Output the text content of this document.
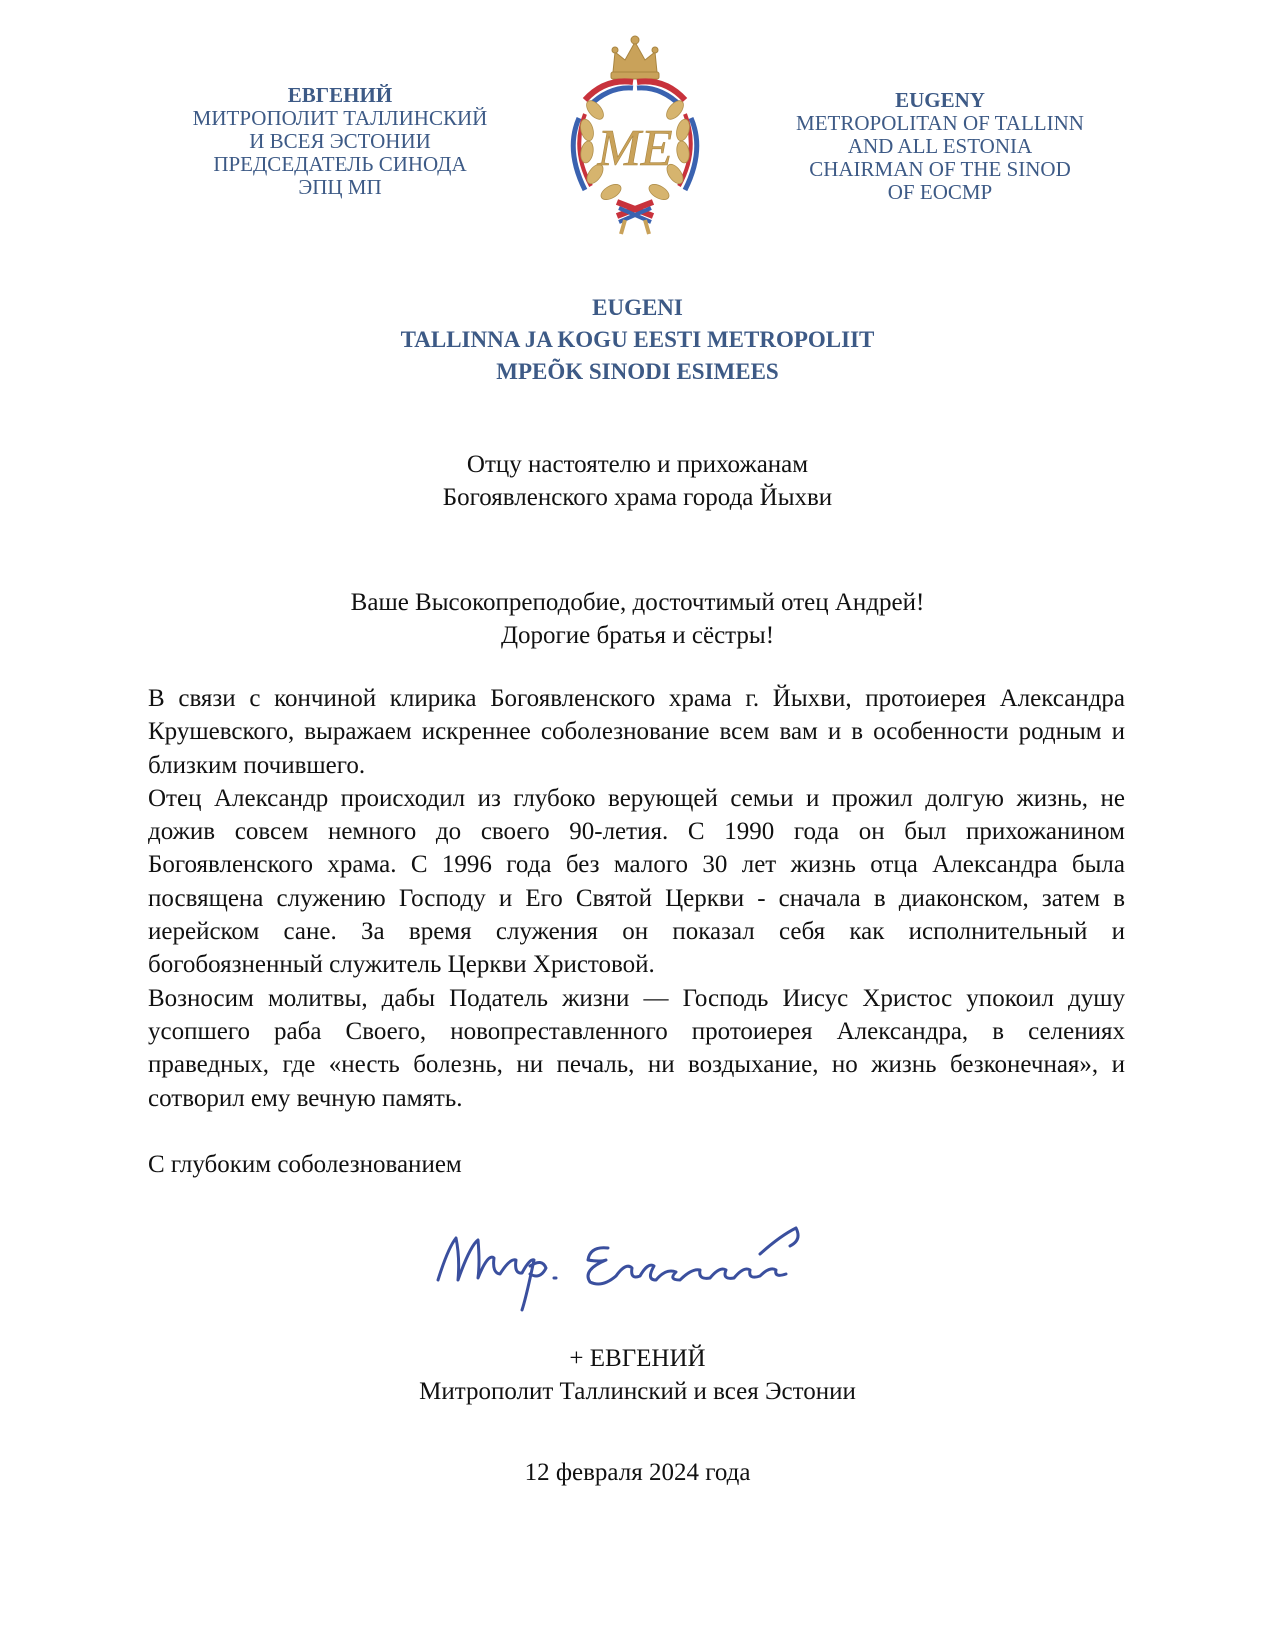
ЕВГЕНИЙ
МИТРОПОЛИТ ТАЛЛИНСКИЙ
И ВСЕЯ ЭСТОНИИ
ПРЕДСЕДАТЕЛЬ СИНОДА
ЭПЦ МП
ME
EUGENY
METROPOLITAN OF TALLINN
AND ALL ESTONIA
CHAIRMAN OF THE SINOD
OF EOCMP
EUGENI
TALLINNA JA KOGU EESTI METROPOLIIT
MPEÕK SINODI ESIMEES
Отцу настоятелю и прихожанам
Богоявленского храма города Йыхви
Ваше Высокопреподобие, досточтимый отец Андрей!
Дорогие братья и сёстры!

В связи с кончиной клирика Богоявленского храма г. Йыхви, протоиерея Александра Крушевского, выражаем искреннее соболезнование всем вам и в особенности родным и близким почившего.

Отец Александр происходил из глубоко верующей семьи и прожил долгую жизнь, не дожив совсем немного до своего 90-летия. С 1990 года он был прихожанином Богоявленского храма. С 1996 года без малого 30 лет жизнь отца Александра была посвящена служению Господу и Его Святой Церкви - сначала в диаконском, затем в иерейском сане. За время служения он показал себя как исполнительный и богобоязненный служитель Церкви Христовой.

Возносим молитвы, дабы Податель жизни — Господь Иисус Христос упокоил душу усопшего раба Своего, новопреставленного протоиерея Александра, в селениях праведных, где «несть болезнь, ни печаль, ни воздыхание, но жизнь безконечная», и сотворил ему вечную память.

С глубоким соболезнованием
+ ЕВГЕНИЙ
Митрополит Таллинский и всея Эстонии
12 февраля 2024 года
